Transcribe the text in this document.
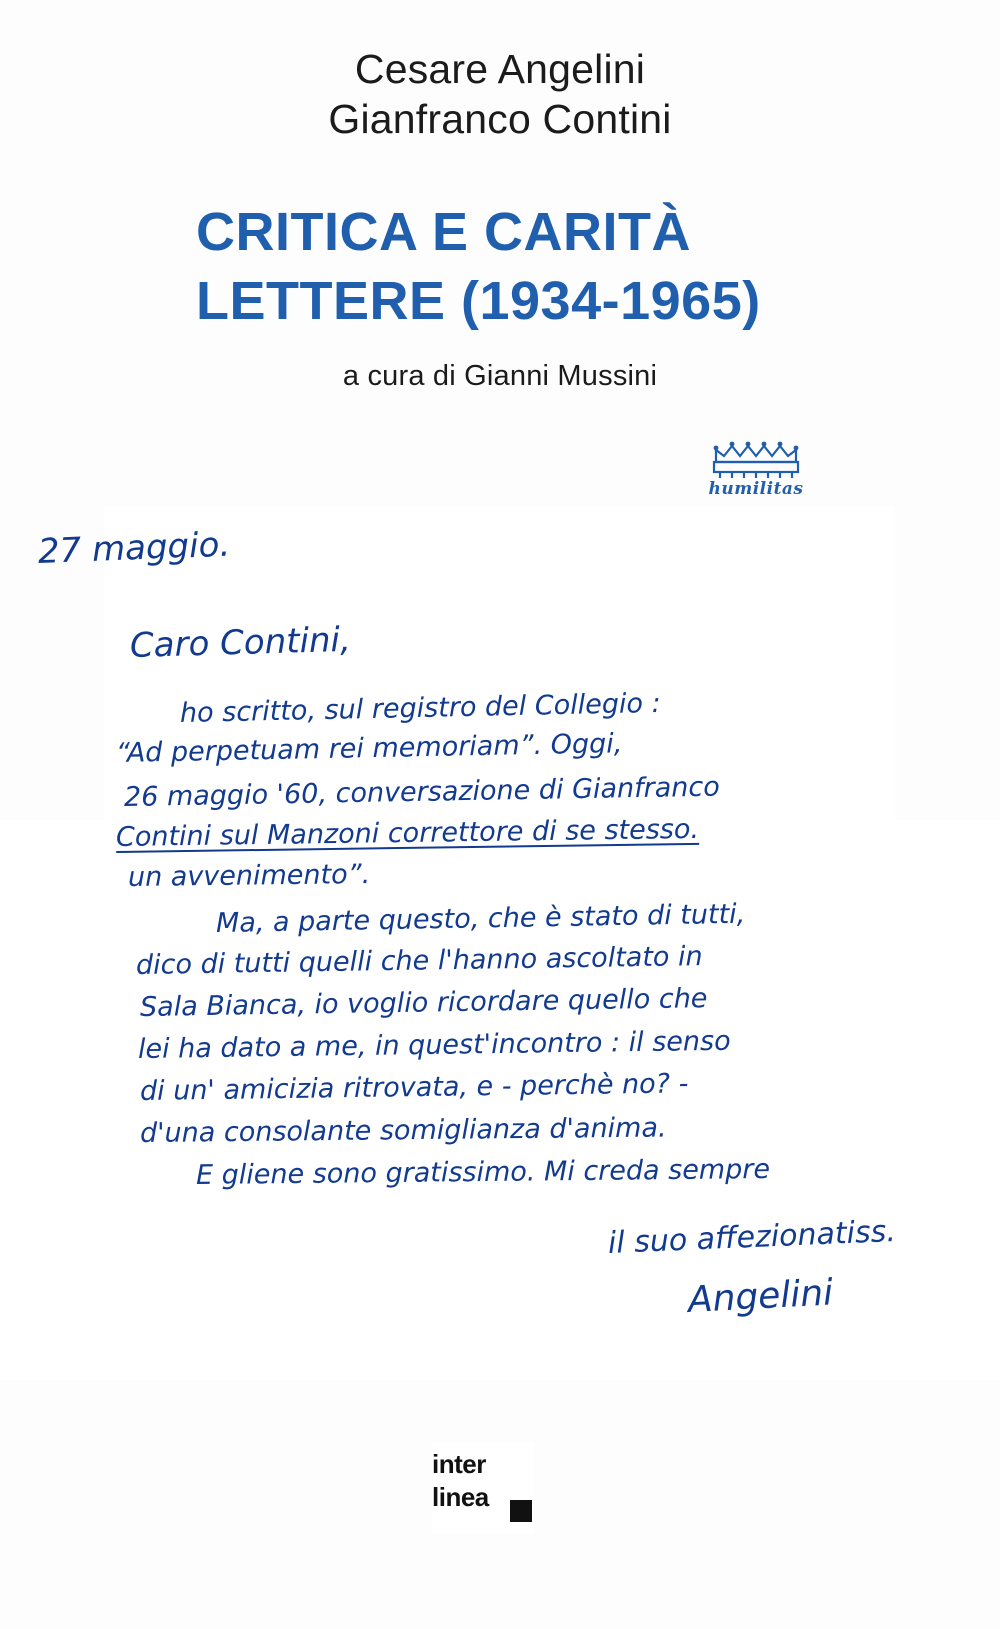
Cesare Angelini
Gianfranco Contini
CRITICA E CARITÀ
LETTERE (1934-1965)
a cura di Gianni Mussini
humilitas
27 maggio.
Caro Contini,
ho scritto, sul registro del Collegio :
“Ad perpetuam rei memoriam”. Oggi,
26 maggio '60, conversazione di Gianfranco
Contini sul Manzoni correttore di se stesso.
un avvenimento”.
Ma, a parte questo, che è stato di tutti,
dico di tutti quelli che l'hanno ascoltato in
Sala Bianca, io voglio ricordare quello che
lei ha dato a me, in quest'incontro : il senso
di un' amicizia ritrovata, e - perchè no? -
d'una consolante somiglianza d'anima.
E gliene sono gratissimo. Mi creda sempre
il suo affezionatiss.
Angelini
inter
linea
